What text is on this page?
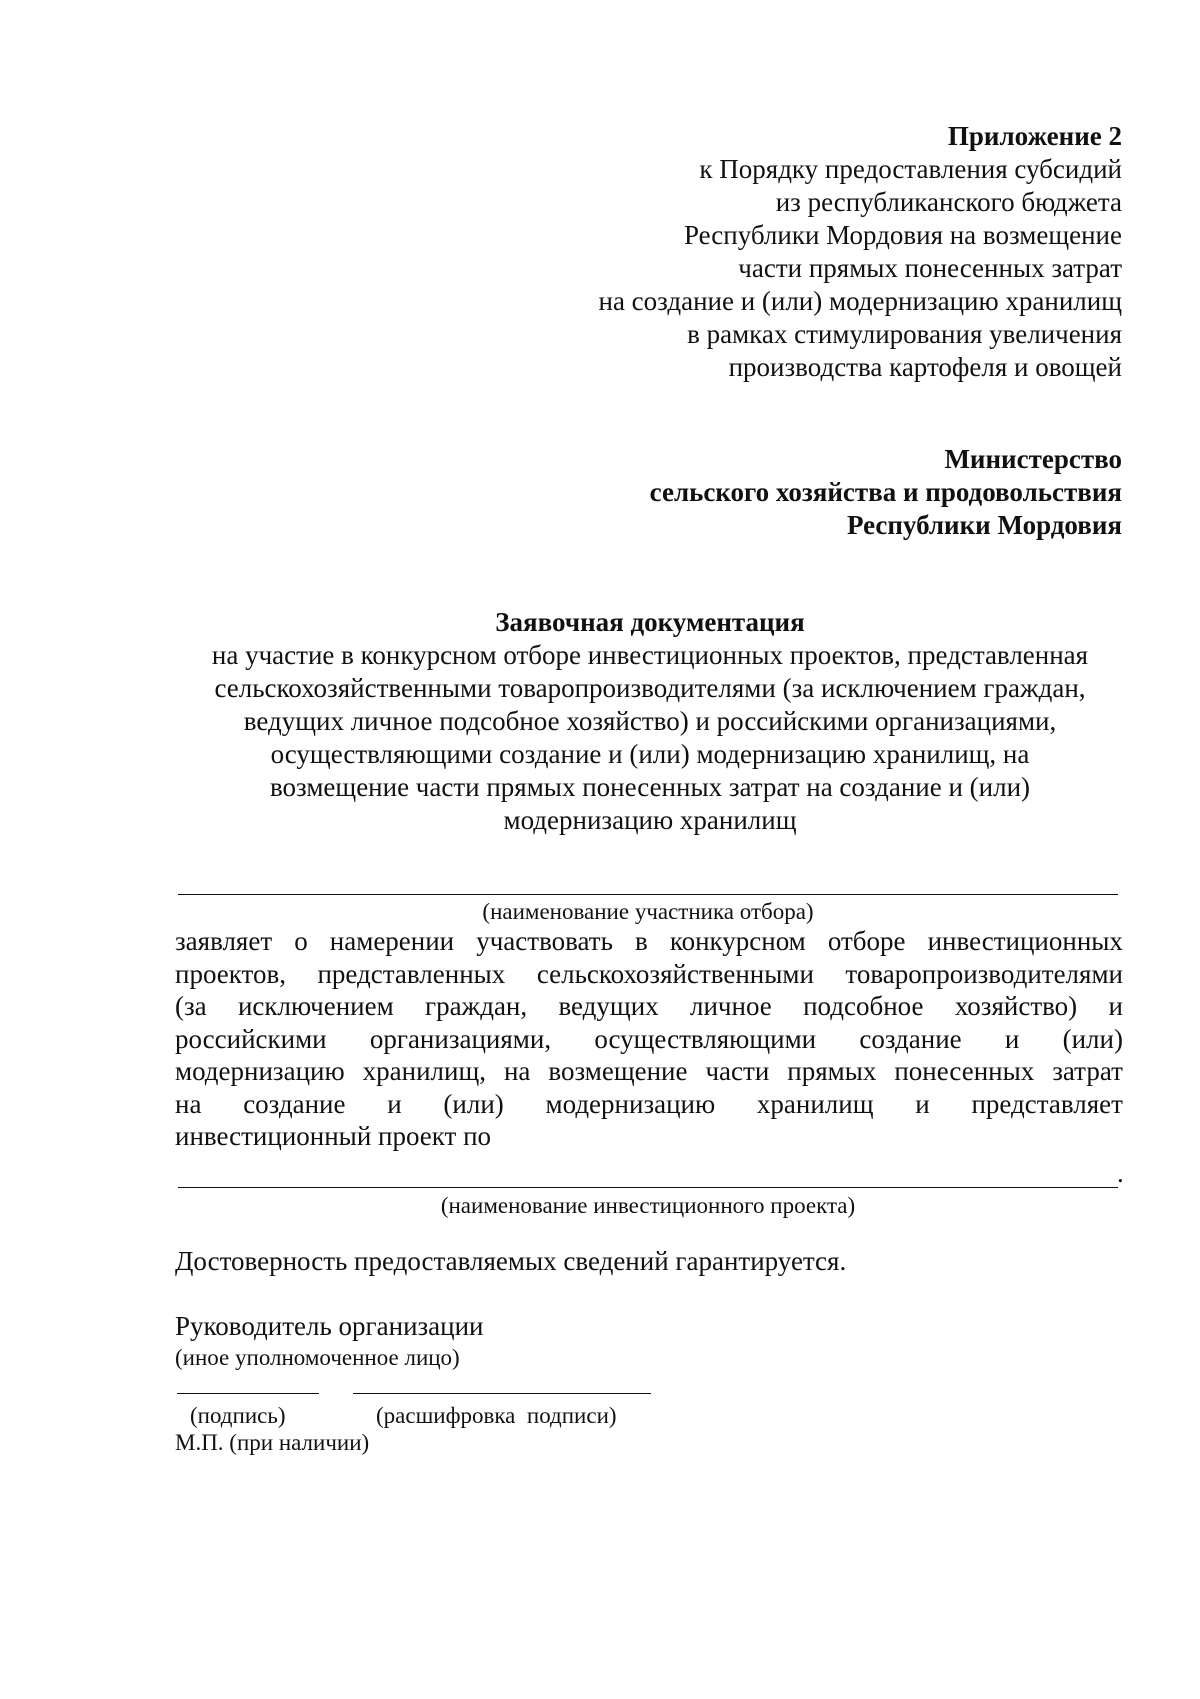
Приложение 2
к Порядку предоставления субсидий
из республиканского бюджета
Республики Мордовия на возмещение
части прямых понесенных затрат
на создание и (или) модернизацию хранилищ
в рамках стимулирования увеличения
производства картофеля и овощей
Министерство
сельского хозяйства и продовольствия
Республики Мордовия
Заявочная документация
на участие в конкурсном отборе инвестиционных проектов, представленная
сельскохозяйственными товаропроизводителями (за исключением граждан,
ведущих личное подсобное хозяйство) и российскими организациями,
осуществляющими создание и (или) модернизацию хранилищ, на
возмещение части прямых понесенных затрат на создание и (или)
модернизацию хранилищ
(наименование участника отбора)
заявляет о намерении участвовать в конкурсном отборе инвестиционных
проектов, представленных сельскохозяйственными товаропроизводителями
(за исключением граждан, ведущих личное подсобное хозяйство) и
российскими организациями, осуществляющими создание и (или)
модернизацию хранилищ, на возмещение части прямых понесенных затрат
на создание и (или) модернизацию хранилищ и представляет
инвестиционный проект по
.
(наименование инвестиционного проекта)
Достоверность предоставляемых сведений гарантируется.
Руководитель организации
(иное уполномоченное лицо)
(подпись)	(расшифровка  подписи)
М.П. (при наличии)
